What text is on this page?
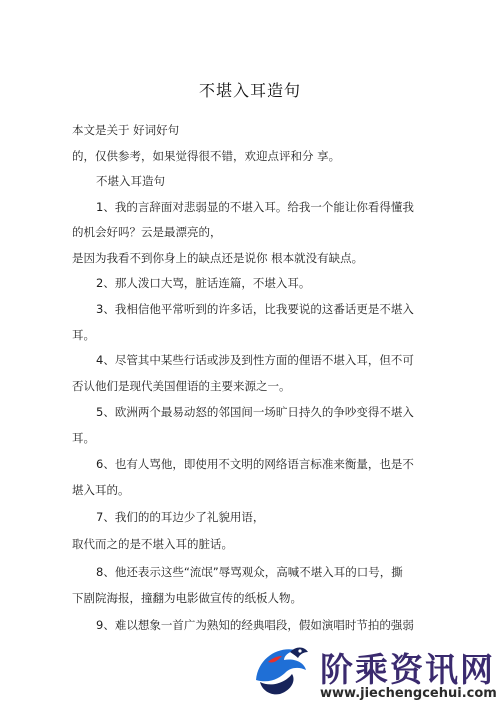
不堪入耳造句
本文是关于 好词好句
的，仅供参考，如果觉得很不错，欢迎点评和分 享。
不堪入耳造句
1、我的言辞面对悲弱显的不堪入耳。给我一个能让你看得懂我
的机会好吗？云是最漂亮的，
是因为我看不到你身上的缺点还是说你 根本就没有缺点。
2、那人泼口大骂，脏话连篇，不堪入耳。
3、我相信他平常听到的许多话，比我要说的这番话更是不堪入
耳。
4、尽管其中某些行话或涉及到性方面的俚语不堪入耳，但不可
否认他们是现代美国俚语的主要来源之一。
5、欧洲两个最易动怒的邻国间一场旷日持久的争吵变得不堪入
耳。
6、也有人骂他，即使用不文明的网络语言标准来衡量，也是不
堪入耳的。
7、我们的的耳边少了礼貌用语，
取代而之的是不堪入耳的脏话。
8、他还表示这些“流氓”辱骂观众，高喊不堪入耳的口号，撕
下剧院海报，撞翻为电影做宣传的纸板人物。
9、难以想象一首广为熟知的经典唱段，假如演唱时节拍的强弱
阶乘资讯网
www.jiechengcehui.com
